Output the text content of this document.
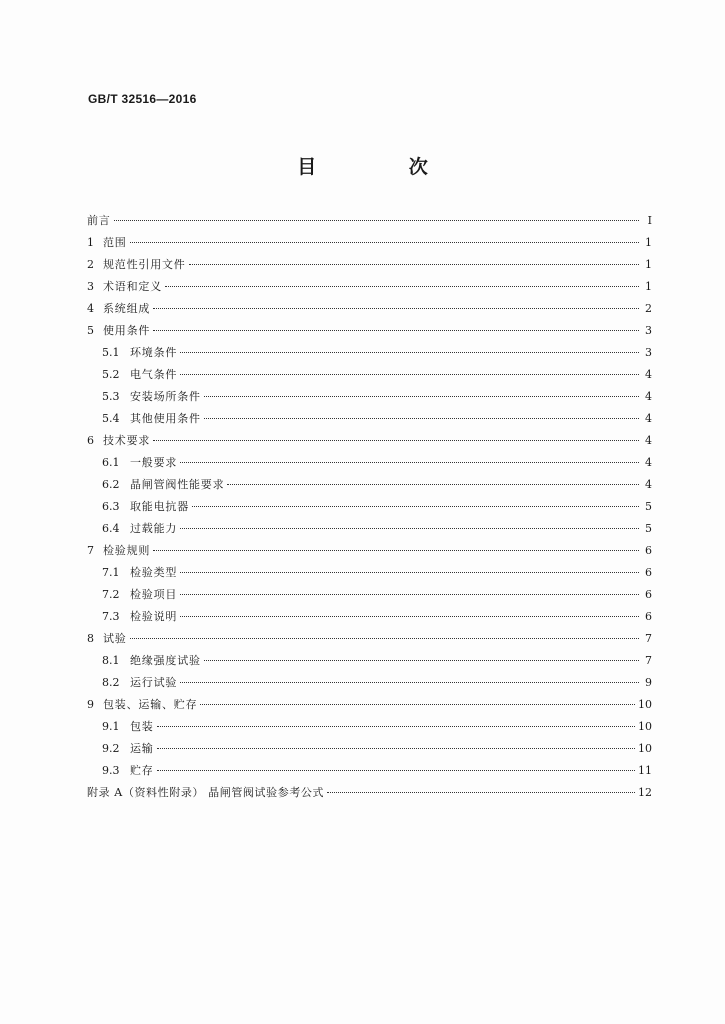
GB/T 32516—2016
目 次
前言	Ⅰ
1 范围	1
2 规范性引用文件	1
3 术语和定义	1
4 系统组成	2
5 使用条件	3
5.1 环境条件	3
5.2 电气条件	4
5.3 安装场所条件	4
5.4 其他使用条件	4
6 技术要求	4
6.1 一般要求	4
6.2 晶闸管阀性能要求	4
6.3 取能电抗器	5
6.4 过载能力	5
7 检验规则	6
7.1 检验类型	6
7.2 检验项目	6
7.3 检验说明	6
8 试验	7
8.1 绝缘强度试验	7
8.2 运行试验	9
9 包装、运输、贮存	10
9.1 包装	10
9.2 运输	10
9.3 贮存	11
附录 A（资料性附录） 晶闸管阀试验参考公式	12
